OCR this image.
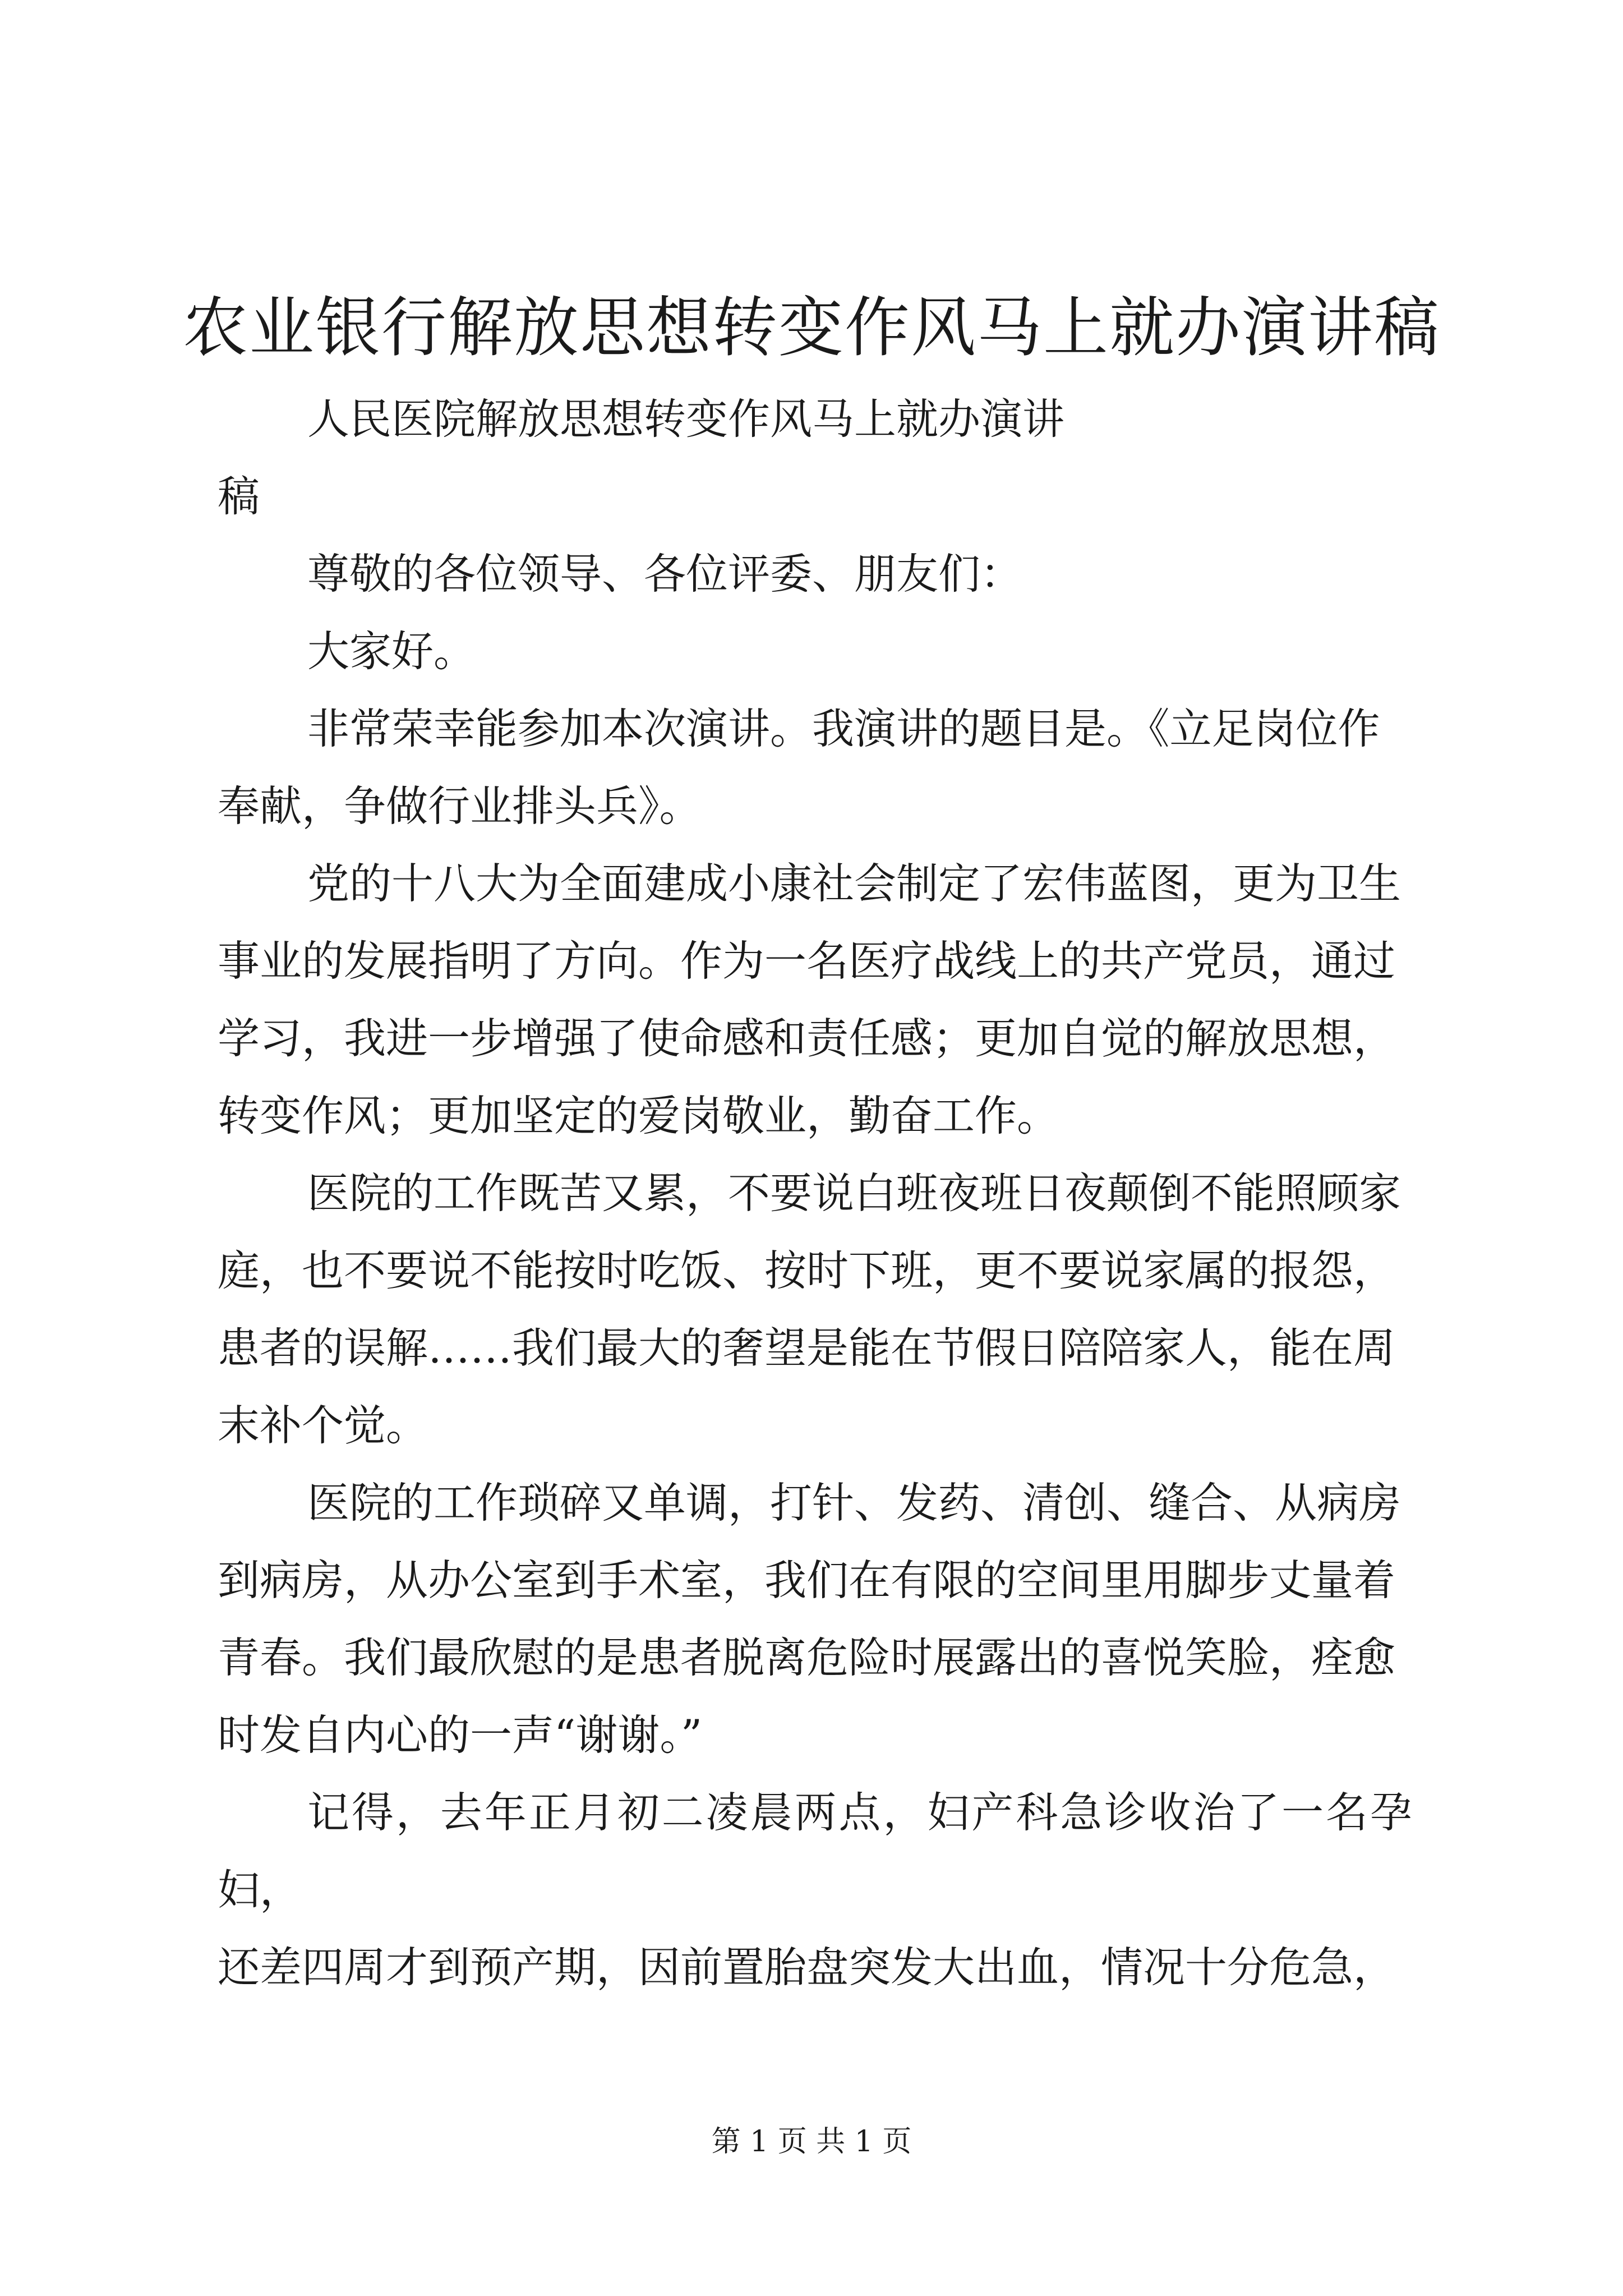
农业银行解放思想转变作风马上就办演讲稿

人民医院解放思想转变作风马上就办演讲
稿

尊敬的各位领导、各位评委、朋友们：

大家好。

非常荣幸能参加本次演讲。我演讲的题目是。《立足岗位作
奉献，争做行业排头兵》。

党的十八大为全面建成小康社会制定了宏伟蓝图，更为卫生
事业的发展指明了方向。作为一名医疗战线上的共产党员，通过
学习，我进一步增强了使命感和责任感；更加自觉的解放思想，
转变作风；更加坚定的爱岗敬业，勤奋工作。

医院的工作既苦又累，不要说白班夜班日夜颠倒不能照顾家
庭，也不要说不能按时吃饭、按时下班，更不要说家属的报怨，
患者的误解……我们最大的奢望是能在节假日陪陪家人，能在周
末补个觉。

医院的工作琐碎又单调，打针、发药、清创、缝合、从病房
到病房，从办公室到手术室，我们在有限的空间里用脚步丈量着
青春。我们最欣慰的是患者脱离危险时展露出的喜悦笑脸，痊愈
时发自内心的一声“谢谢。”

记得，去年正月初二凌晨两点，妇产科急诊收治了一名孕妇，
还差四周才到预产期，因前置胎盘突发大出血，情况十分危急，

第 1 页 共 1 页
